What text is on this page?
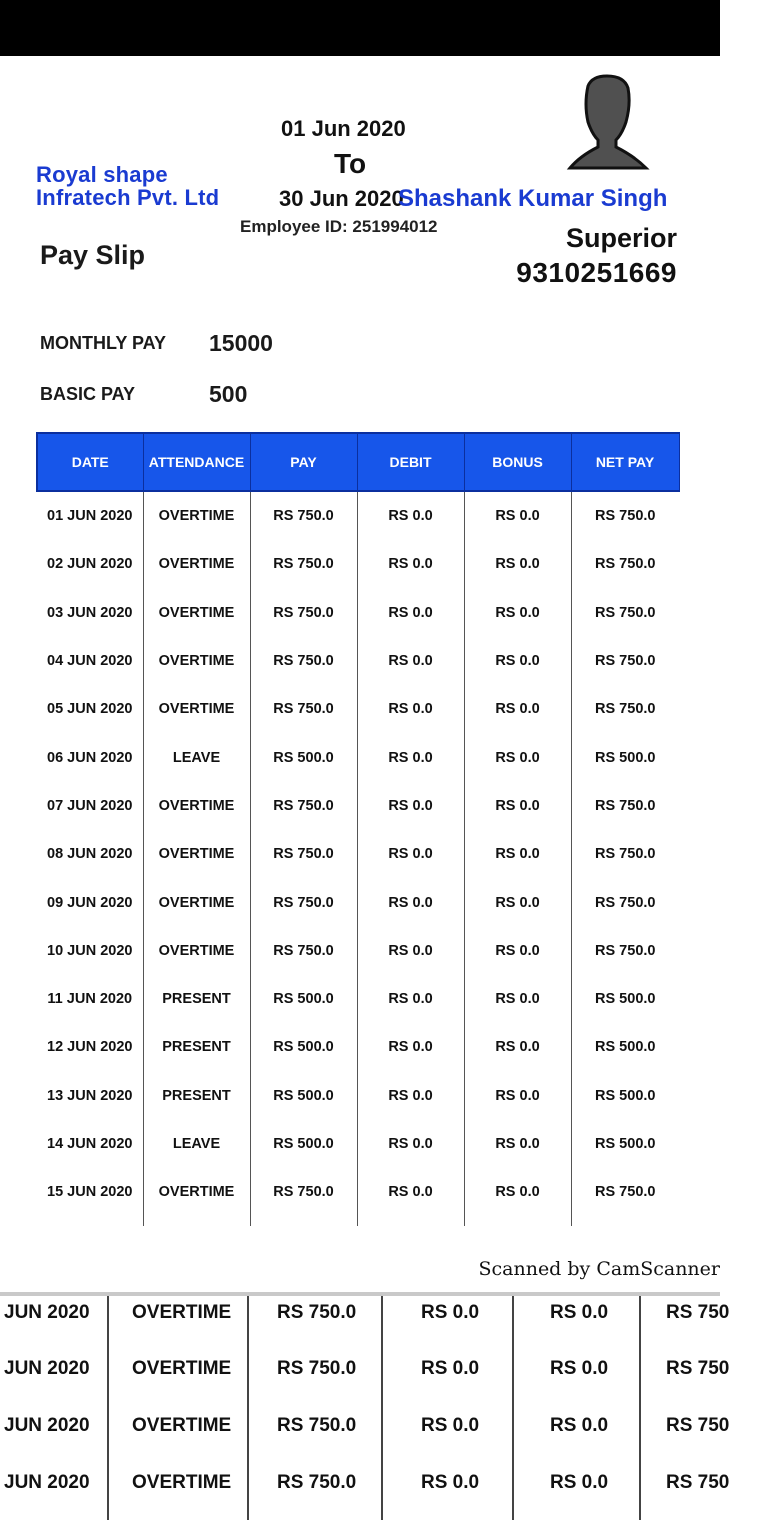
Royal shape
Infratech Pvt. Ltd
Pay Slip
01 Jun 2020
To
30 Jun 2020
Employee ID: 251994012
Shashank Kumar Singh
Superior
9310251669
MONTHLY PAY 15000
BASIC PAY	500
DATE	ATTENDANCE	PAY	DEBIT	BONUS	NET PAY
01 JUN 2020	OVERTIME	RS 750.0	RS 0.0	RS 0.0	RS 750.0
02 JUN 2020	OVERTIME	RS 750.0	RS 0.0	RS 0.0	RS 750.0
03 JUN 2020	OVERTIME	RS 750.0	RS 0.0	RS 0.0	RS 750.0
04 JUN 2020	OVERTIME	RS 750.0	RS 0.0	RS 0.0	RS 750.0
05 JUN 2020	OVERTIME	RS 750.0	RS 0.0	RS 0.0	RS 750.0
06 JUN 2020	LEAVE	RS 500.0	RS 0.0	RS 0.0	RS 500.0
07 JUN 2020	OVERTIME	RS 750.0	RS 0.0	RS 0.0	RS 750.0
08 JUN 2020	OVERTIME	RS 750.0	RS 0.0	RS 0.0	RS 750.0
09 JUN 2020	OVERTIME	RS 750.0	RS 0.0	RS 0.0	RS 750.0
10 JUN 2020	OVERTIME	RS 750.0	RS 0.0	RS 0.0	RS 750.0
11 JUN 2020	PRESENT	RS 500.0	RS 0.0	RS 0.0	RS 500.0
12 JUN 2020	PRESENT	RS 500.0	RS 0.0	RS 0.0	RS 500.0
13 JUN 2020	PRESENT	RS 500.0	RS 0.0	RS 0.0	RS 500.0
14 JUN 2020	LEAVE	RS 500.0	RS 0.0	RS 0.0	RS 500.0
15 JUN 2020	OVERTIME	RS 750.0	RS 0.0	RS 0.0	RS 750.0

Scanned by CamScanner
JUN 2020 OVERTIME RS 750.0	RS 0.0	RS 0.0	RS 750
JUN 2020 OVERTIME RS 750.0	RS 0.0	RS 0.0	RS 750
JUN 2020 OVERTIME RS 750.0	RS 0.0	RS 0.0	RS 750
JUN 2020 OVERTIME RS 750.0	RS 0.0	RS 0.0	RS 750
